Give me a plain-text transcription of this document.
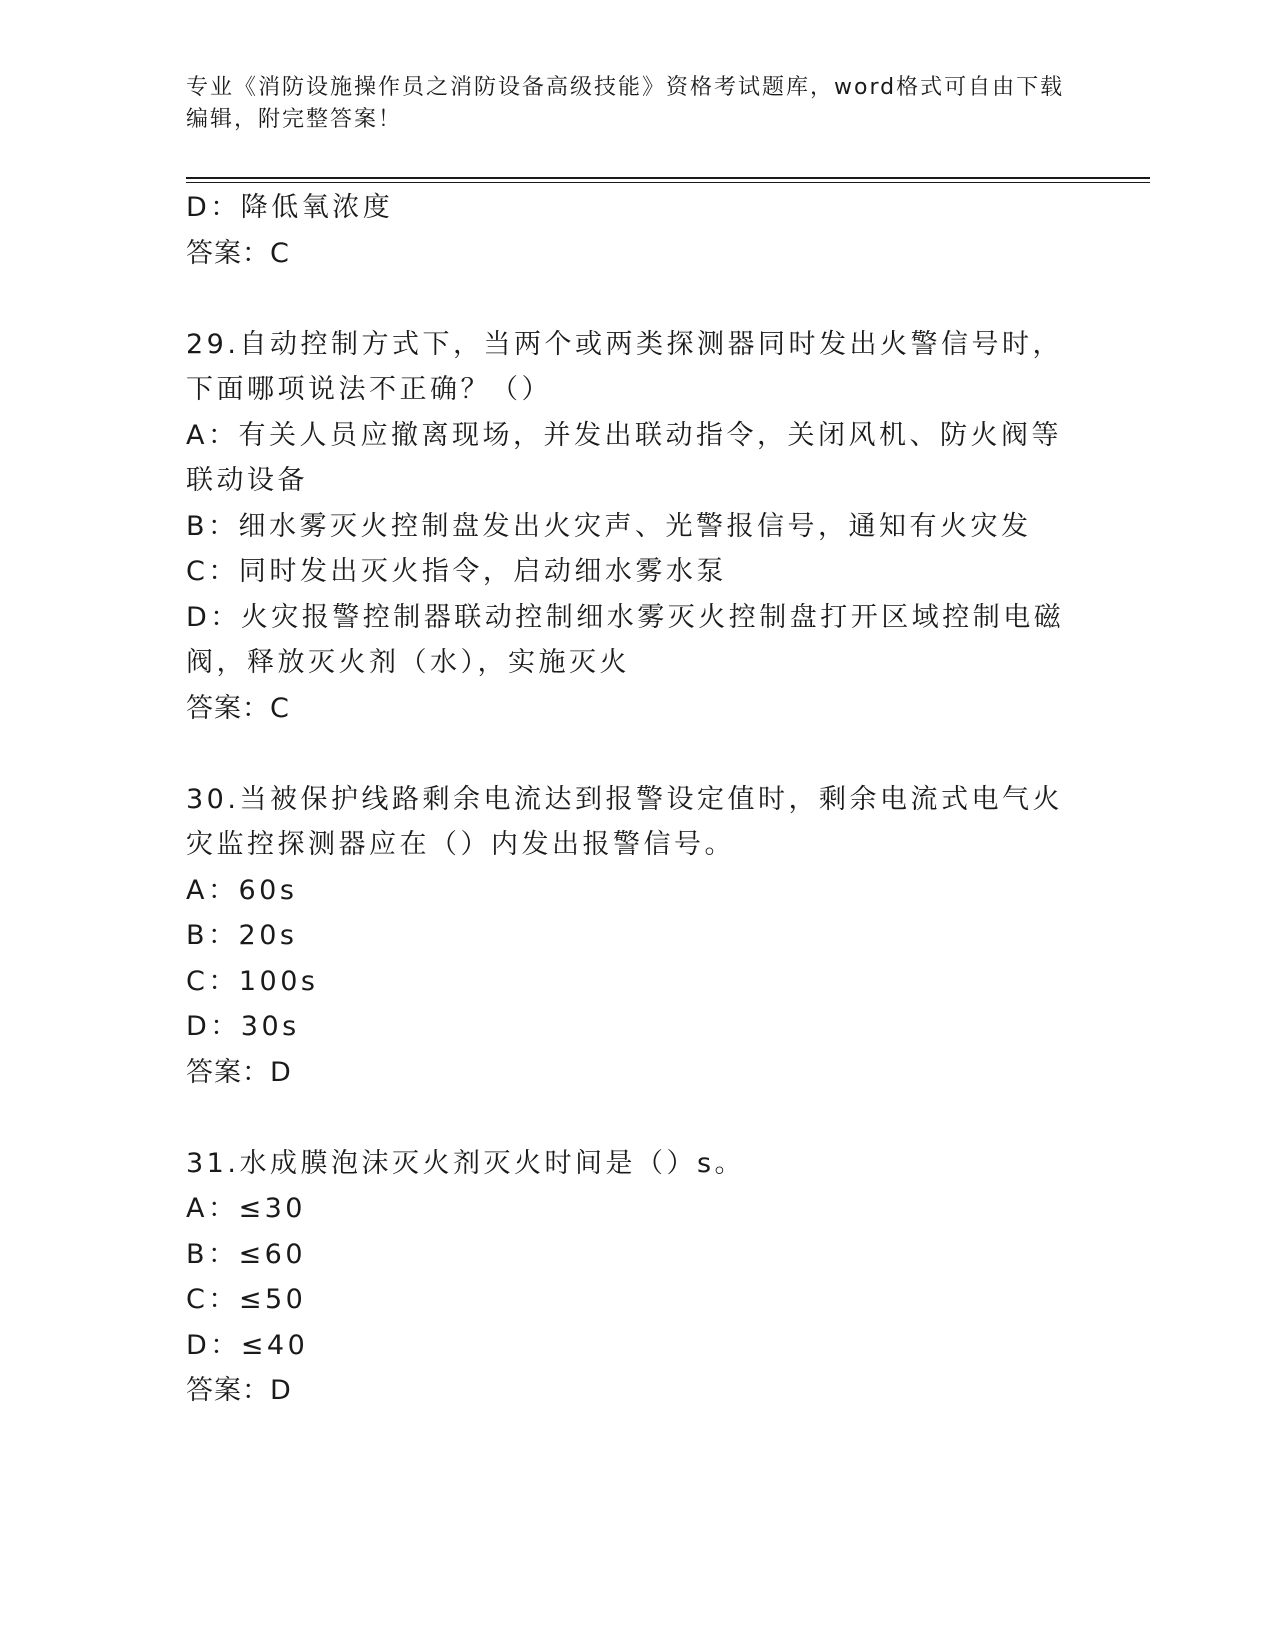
专业《消防设施操作员之消防设备高级技能》资格考试题库，word格式可自由下载编辑，附完整答案！
D：降低氧浓度
答案：C
29.自动控制方式下，当两个或两类探测器同时发出火警信号时，下面哪项说法不正确？（）
A：有关人员应撤离现场，并发出联动指令，关闭风机、防火阀等联动设备
B：细水雾灭火控制盘发出火灾声、光警报信号，通知有火灾发
C：同时发出灭火指令，启动细水雾水泵
D：火灾报警控制器联动控制细水雾灭火控制盘打开区域控制电磁阀，释放灭火剂（水），实施灭火
答案：C
30.当被保护线路剩余电流达到报警设定值时，剩余电流式电气火灾监控探测器应在（）内发出报警信号。
A：60s
B：20s
C：100s
D：30s
答案：D
31.水成膜泡沫灭火剂灭火时间是（）s。
A：≤30
B：≤60
C：≤50
D：≤40
答案：D
